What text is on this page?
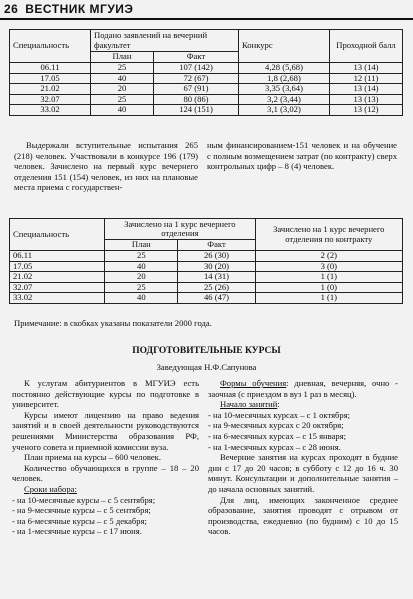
26 ВЕСТНИК МГУИЭ
Специальность	Подано заявлений на вечерний факультет		Конкурс	Проходной балл
	План	Факт		
06.11	25	107 (142)	4,28 (5,68)	13 (14)
17.05	40	72 (67)	1,8 (2,68)	12 (11)
21.02	20	67 (91)	3,35 (3,64)	13 (14)
32.07	25	80 (86)	3,2 (3,44)	13 (13)
33.02	40	124 (151)	3,1 (3,02)	13 (12)

Выдержали вступительные испытания 265 (218) человек. Участвовали в конкурсе 196 (179) человек. Зачислено на первый курс вечернего отделения 151 (154) человек, из них на плановые места приема с государствен-

ным финансированием-151 человек и на обучение с полным возмещением затрат (по контракту) сверх контрольных цифр – 8 (4) человек.

Специальность	Зачислено на 1 курс вечернего отделения		Зачислено на 1 курс вечернего отделения по контракту
	План	Факт	
06.11	25	26 (30)	2 (2)
17.05	40	30 (20)	3 (0)
21.02	20	14 (31)	1 (1)
32.07	25	25 (26)	1 (0)
33.02	40	46 (47)	1 (1)

Примечание: в скобках указаны показатели 2000 года.

ПОДГОТОВИТЕЛЬНЫЕ КУРСЫ
Заведующая Н.Ф.Сапунова

К услугам абитуриентов в МГУИЭ есть постоянно действующие курсы по подготовке в университет.

Курсы имеют лицензию на право ведения занятий и в своей деятельности руководствуются решениями Министерства образования РФ, ученого совета и приемной комиссии вуза.

План приема на курсы – 600 человек.

Количество обучающихся в группе – 18 – 20 человек.

Сроки набора:

- на 10-месячные курсы – с 5 сентября;

- на 9-месячные курсы – с 5 сентября;

- на 6-месячные курсы – с 5 декабря;

- на 1-месячные курсы – с 17 июня.

Формы обучения: дневная, вечерняя, очно - заочная (с приездом в вуз 1 раз в месяц).

Начало занятий:

- на 10-месячных курсах – с 1 октября;

- на 9-месячных курсах с 20 октября;

- на 6-месячных курсах – с 15 января;

- на 1-месячных курсах – с 28 июня.

Вечерние занятия на курсах проходят в будние дни с 17 до 20 часов; в субботу с 12 до 16 ч. 30 минут. Консультации и дополнительные занятия – до начала основных занятий.

Для лиц, имеющих законченное среднее образование, занятия проводят с отрывом от производства, ежедневно (по будним) с 10 до 15 часов.
